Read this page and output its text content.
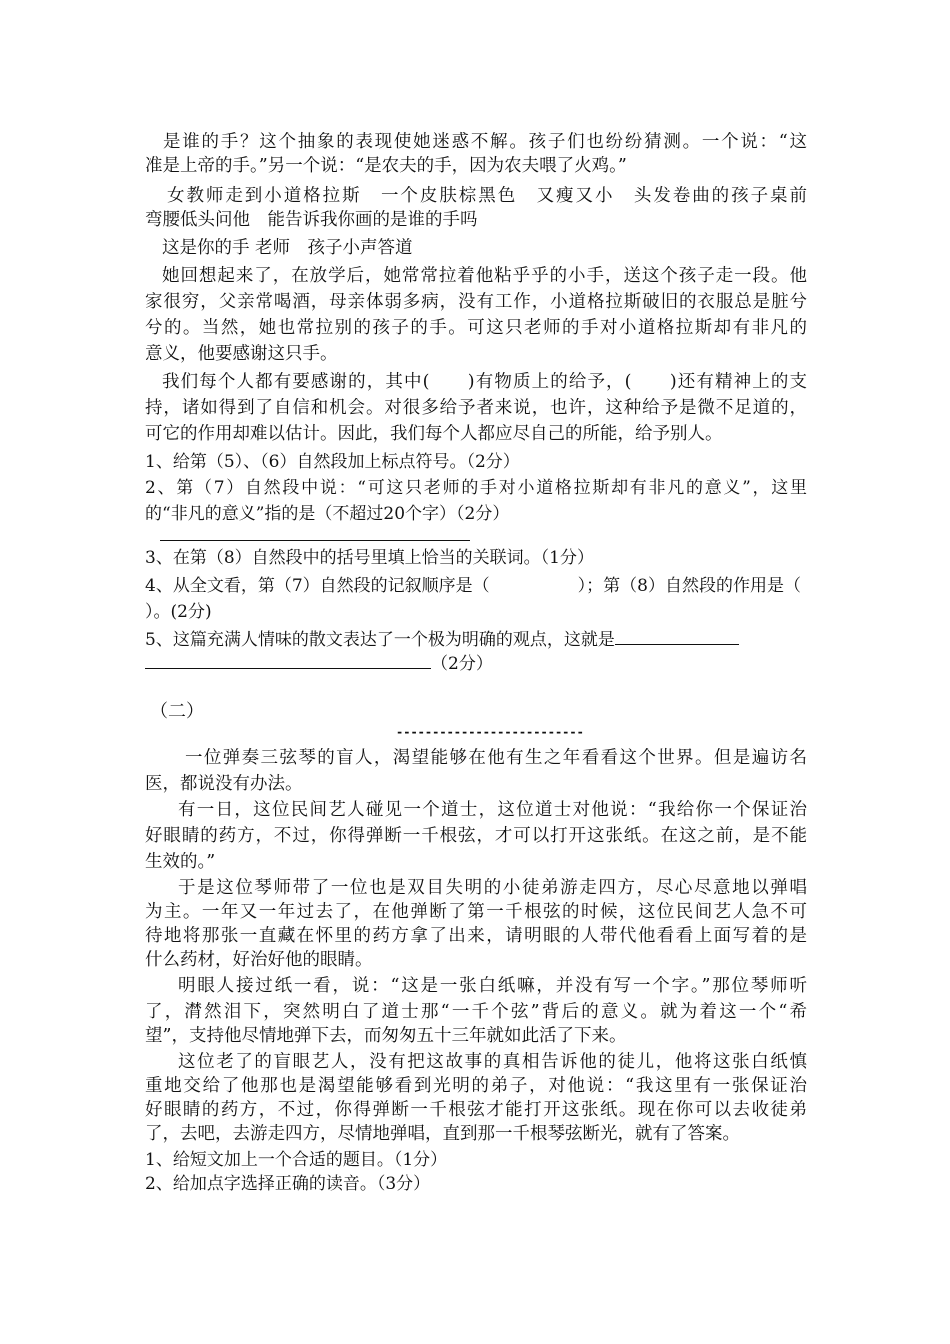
是谁的手？这个抽象的表现使她迷惑不解。孩子们也纷纷猜测。一个说：“这
准是上帝的手。”另一个说：“是农夫的手，因为农夫喂了火鸡。”
女教师走到小道格拉斯　一个皮肤棕黑色　又瘦又小　头发卷曲的孩子桌前
弯腰低头问他　能告诉我你画的是谁的手吗
这是你的手 老师　孩子小声答道
她回想起来了，在放学后，她常常拉着他粘乎乎的小手，送这个孩子走一段。他
家很穷，父亲常喝酒，母亲体弱多病，没有工作，小道格拉斯破旧的衣服总是脏兮
兮的。当然，她也常拉别的孩子的手。可这只老师的手对小道格拉斯却有非凡的
意义，他要感谢这只手。
我们每个人都有要感谢的，其中(　　)有物质上的给予，(　　)还有精神上的支
持，诸如得到了自信和机会。对很多给予者来说，也许，这种给予是微不足道的，
可它的作用却难以估计。因此，我们每个人都应尽自己的所能，给予别人。
1、给第（5）、（6）自然段加上标点符号。（2分）
2、第（7）自然段中说：“可这只老师的手对小道格拉斯却有非凡的意义”，这里
的“非凡的意义”指的是（不超过20个字）（2分）
3、在第（8）自然段中的括号里填上恰当的关联词。（1分）
4、从全文看，第（7）自然段的记叙顺序是（	）；第（8）自然段的作用是（
）。(2分)
5、这篇充满人情味的散文表达了一个极为明确的观点，这就是
（2分）
（二）
--------------------------
一位弹奏三弦琴的盲人，渴望能够在他有生之年看看这个世界。但是遍访名
医，都说没有办法。
有一日，这位民间艺人碰见一个道士，这位道士对他说：“我给你一个保证治
好眼睛的药方，不过，你得弹断一千根弦，才可以打开这张纸。在这之前，是不能
生效的。”
于是这位琴师带了一位也是双目失明的小徒弟游走四方，尽心尽意地以弹唱
为主。一年又一年过去了，在他弹断了第一千根弦的时候，这位民间艺人急不可
待地将那张一直藏在怀里的药方拿了出来，请明眼的人带代他看看上面写着的是
什么药材，好治好他的眼睛。
明眼人接过纸一看，说：“这是一张白纸嘛，并没有写一个字。”那位琴师听
了，潸然泪下，突然明白了道士那“一千个弦”背后的意义。就为着这一个“希
望”，支持他尽情地弹下去，而匆匆五十三年就如此活了下来。
这位老了的盲眼艺人，没有把这故事的真相告诉他的徒儿，他将这张白纸慎
重地交给了他那也是渴望能够看到光明的弟子，对他说：“我这里有一张保证治
好眼睛的药方，不过，你得弹断一千根弦才能打开这张纸。现在你可以去收徒弟
了，去吧，去游走四方，尽情地弹唱，直到那一千根琴弦断光，就有了答案。
1、给短文加上一个合适的题目。（1分）
2、给加点字选择正确的读音。（3分）
